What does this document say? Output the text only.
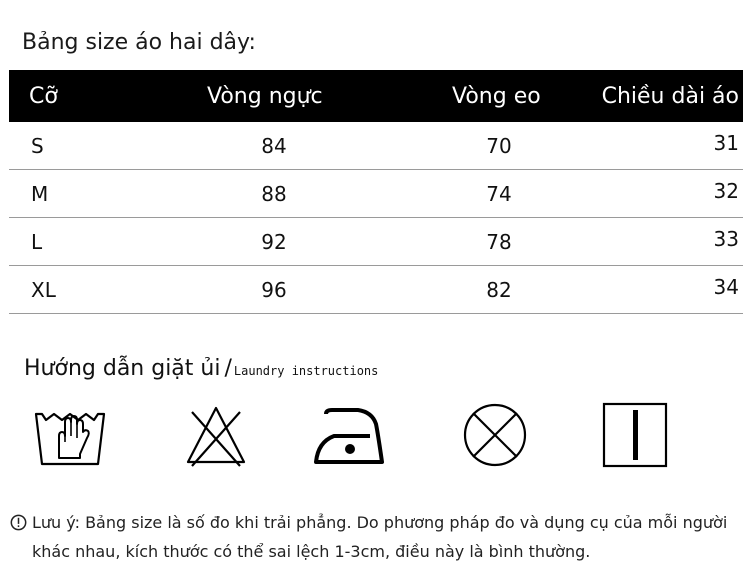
Bảng size áo hai dây:
Cỡ	Vòng ngực	Vòng eo	Chiều dài áo
S	84	70	31
M	88	74	32
L	92	78	33
XL	96	82	34
Hướng dẫn giặt ủi / Laundry instructions
Lưu ý: Bảng size là số đo khi trải phẳng. Do phương pháp đo và dụng cụ của mỗi người khác nhau, kích thước có thể sai lệch 1-3cm, điều này là bình thường.
